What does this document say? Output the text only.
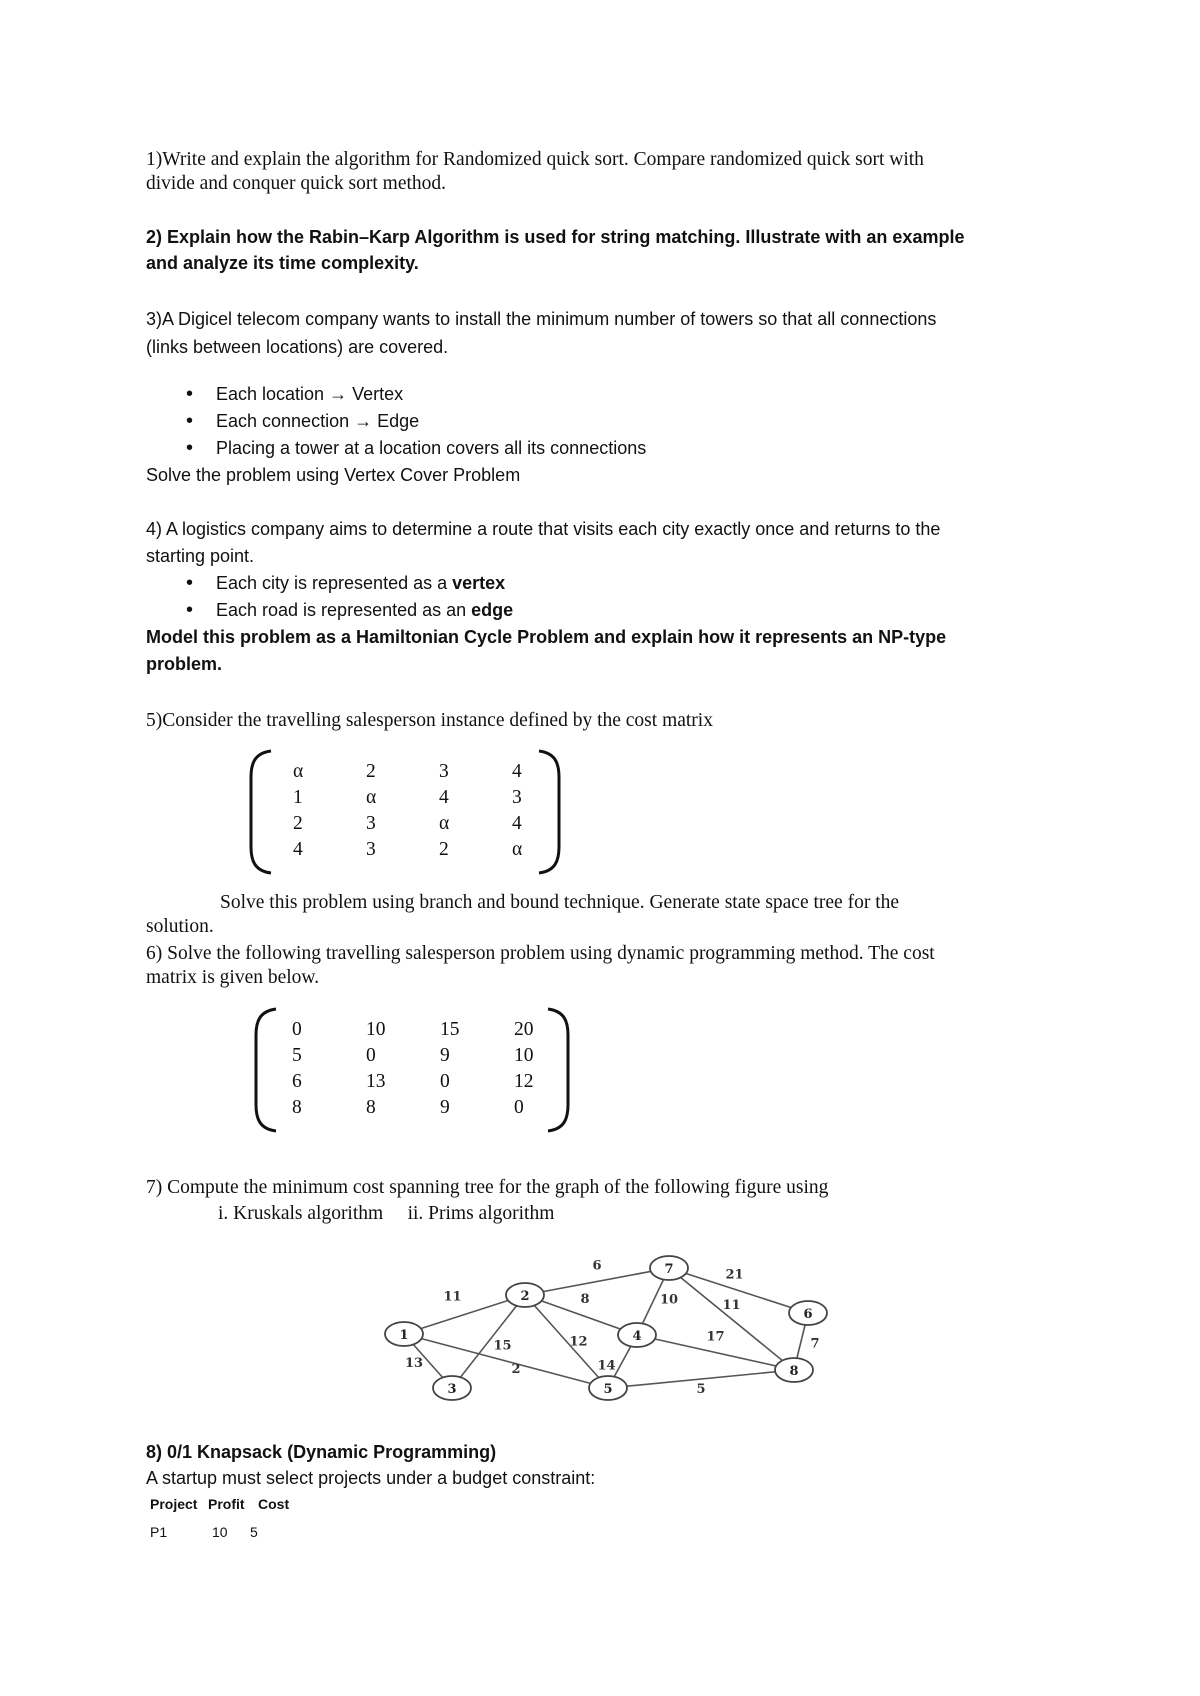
1)Write and explain the algorithm for Randomized quick sort. Compare randomized quick sort with
divide and conquer quick sort method.
2) Explain how the Rabin–Karp Algorithm is used for string matching. Illustrate with an example
and analyze its time complexity.
3)A Digicel telecom company wants to install the minimum number of towers so that all connections
(links between locations) are covered.
•Each location → Vertex
•Each connection → Edge
•Placing a tower at a location covers all its connections
Solve the problem using Vertex Cover Problem
4) A logistics company aims to determine a route that visits each city exactly once and returns to the
starting point.
•Each city is represented as a vertex
•Each road is represented as an edge
Model this problem as a Hamiltonian Cycle Problem and explain how it represents an NP-type
problem.
5)Consider the travelling salesperson instance defined by the cost matrix
α	2	3	4
1	α	4	3
2	3	α	4
4	3	2	α
Solve this problem using branch and bound technique. Generate state space tree for the
solution.
6) Solve the following travelling salesperson problem using dynamic programming method. The cost
matrix is given below.
0	10	15	20
5	0	9	10
6	13	0	12
8	8	9	0
7) Compute the minimum cost spanning tree for the graph of the following figure using
i. Kruskals algorithm     ii. Prims algorithm
11
13	2
15
6
8
12
10	11
21
7
14
17
5
1
2
3
4
5
6
7
8
8) 0/1 Knapsack (Dynamic Programming)
A startup must select projects under a budget constraint:
Project Profit Cost
P1	10 5
